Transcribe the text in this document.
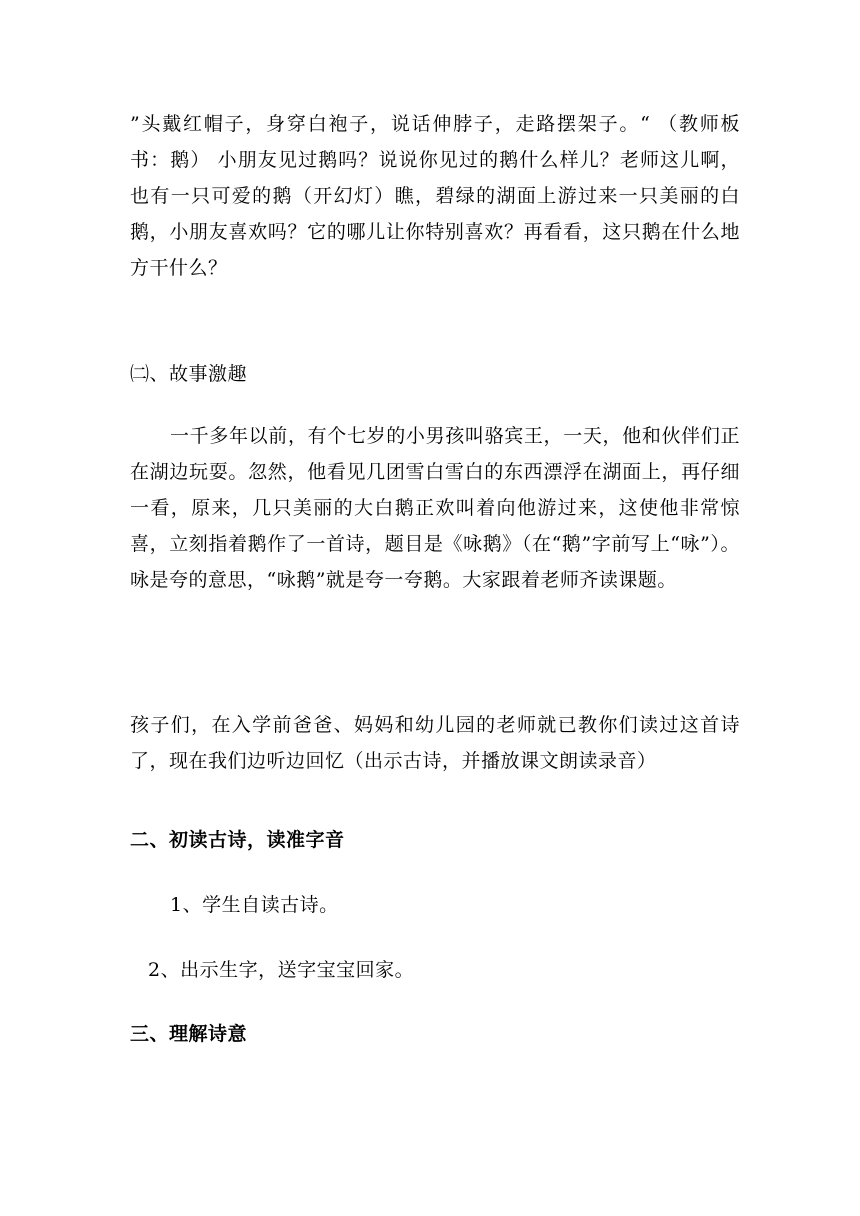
”头戴红帽子，身穿白袍子，说话伸脖子，走路摆架子。“ （教师板书：鹅） 小朋友见过鹅吗？说说你见过的鹅什么样儿？老师这儿啊，也有一只可爱的鹅（开幻灯）瞧，碧绿的湖面上游过来一只美丽的白鹅，小朋友喜欢吗？它的哪儿让你特别喜欢？再看看，这只鹅在什么地方干什么？

㈡、故事激趣

一千多年以前，有个七岁的小男孩叫骆宾王，一天，他和伙伴们正在湖边玩耍。忽然，他看见几团雪白雪白的东西漂浮在湖面上，再仔细一看，原来，几只美丽的大白鹅正欢叫着向他游过来，这使他非常惊喜，立刻指着鹅作了一首诗，题目是《咏鹅》（在“鹅”字前写上“咏”）。咏是夸的意思，“咏鹅”就是夸一夸鹅。大家跟着老师齐读课题。

孩子们，在入学前爸爸、妈妈和幼儿园的老师就已教你们读过这首诗了，现在我们边听边回忆（出示古诗，并播放课文朗读录音）

二、初读古诗，读准字音

1、学生自读古诗。

2、出示生字，送字宝宝回家。

三、理解诗意
